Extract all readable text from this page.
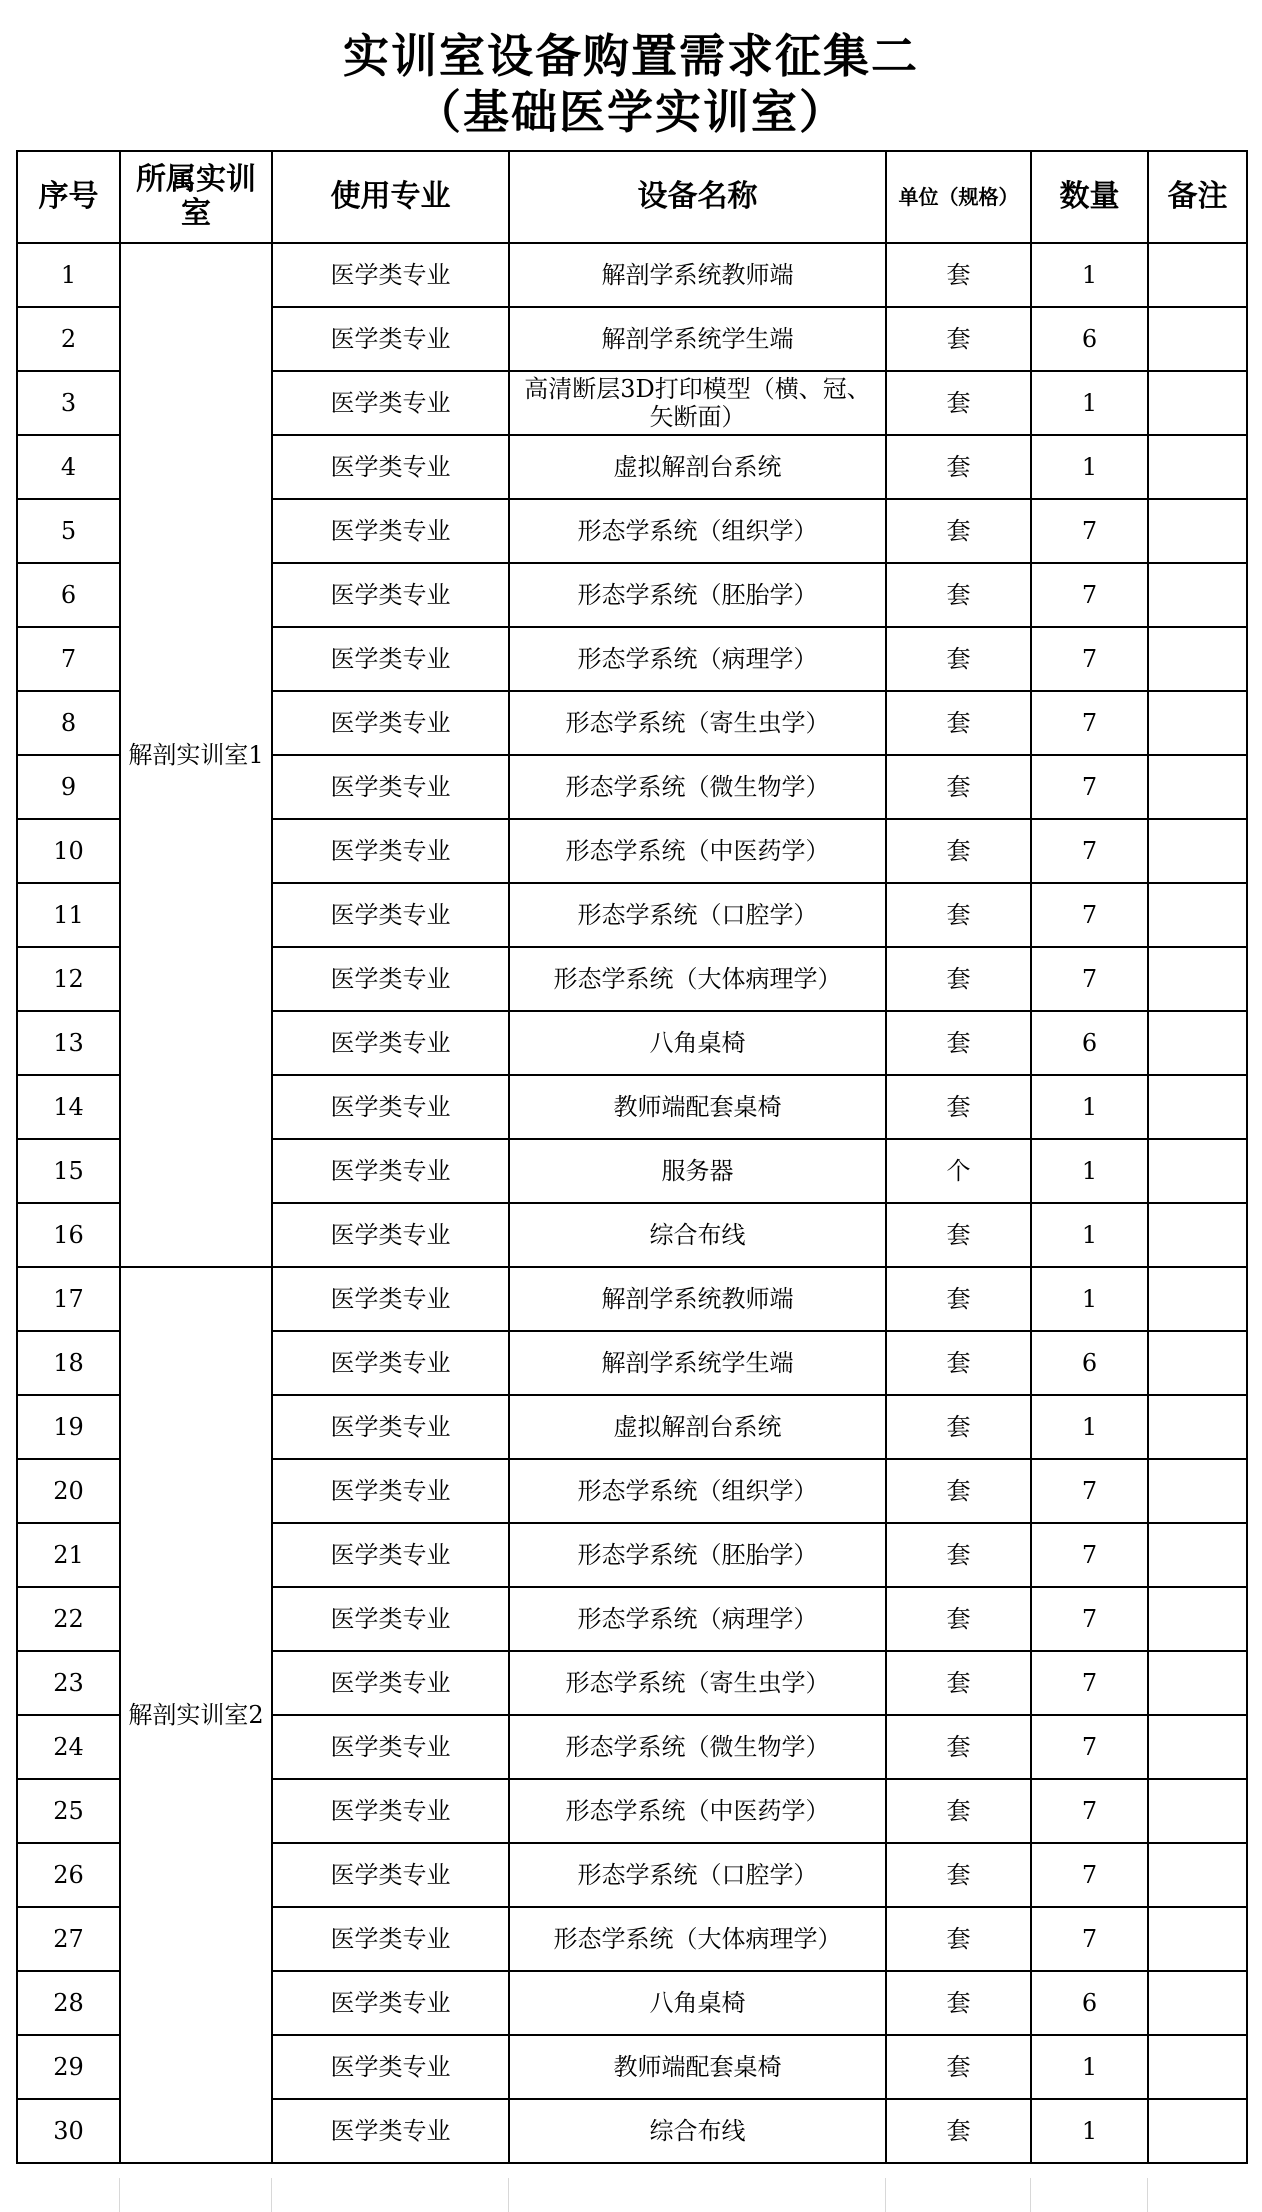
实训室设备购置需求征集二
（基础医学实训室）
序号	所属实训室	使用专业	设备名称	单位（规格）	数量	备注
1	解剖实训室1	医学类专业	解剖学系统教师端	套	1	
2		医学类专业	解剖学系统学生端	套	6	
3		医学类专业	高清断层3D打印模型（横、冠、矢断面）	套	1	
4		医学类专业	虚拟解剖台系统	套	1	
5		医学类专业	形态学系统（组织学）	套	7	
6		医学类专业	形态学系统（胚胎学）	套	7	
7		医学类专业	形态学系统（病理学）	套	7	
8		医学类专业	形态学系统（寄生虫学）	套	7	
9		医学类专业	形态学系统（微生物学）	套	7	
10		医学类专业	形态学系统（中医药学）	套	7	
11		医学类专业	形态学系统（口腔学）	套	7	
12		医学类专业	形态学系统（大体病理学）	套	7	
13		医学类专业	八角桌椅	套	6	
14		医学类专业	教师端配套桌椅	套	1	
15		医学类专业	服务器	个	1	
16		医学类专业	综合布线	套	1	
17	解剖实训室2	医学类专业	解剖学系统教师端	套	1	
18		医学类专业	解剖学系统学生端	套	6	
19		医学类专业	虚拟解剖台系统	套	1	
20		医学类专业	形态学系统（组织学）	套	7	
21		医学类专业	形态学系统（胚胎学）	套	7	
22		医学类专业	形态学系统（病理学）	套	7	
23		医学类专业	形态学系统（寄生虫学）	套	7	
24		医学类专业	形态学系统（微生物学）	套	7	
25		医学类专业	形态学系统（中医药学）	套	7	
26		医学类专业	形态学系统（口腔学）	套	7	
27		医学类专业	形态学系统（大体病理学）	套	7	
28		医学类专业	八角桌椅	套	6	
29		医学类专业	教师端配套桌椅	套	1	
30		医学类专业	综合布线	套	1	
